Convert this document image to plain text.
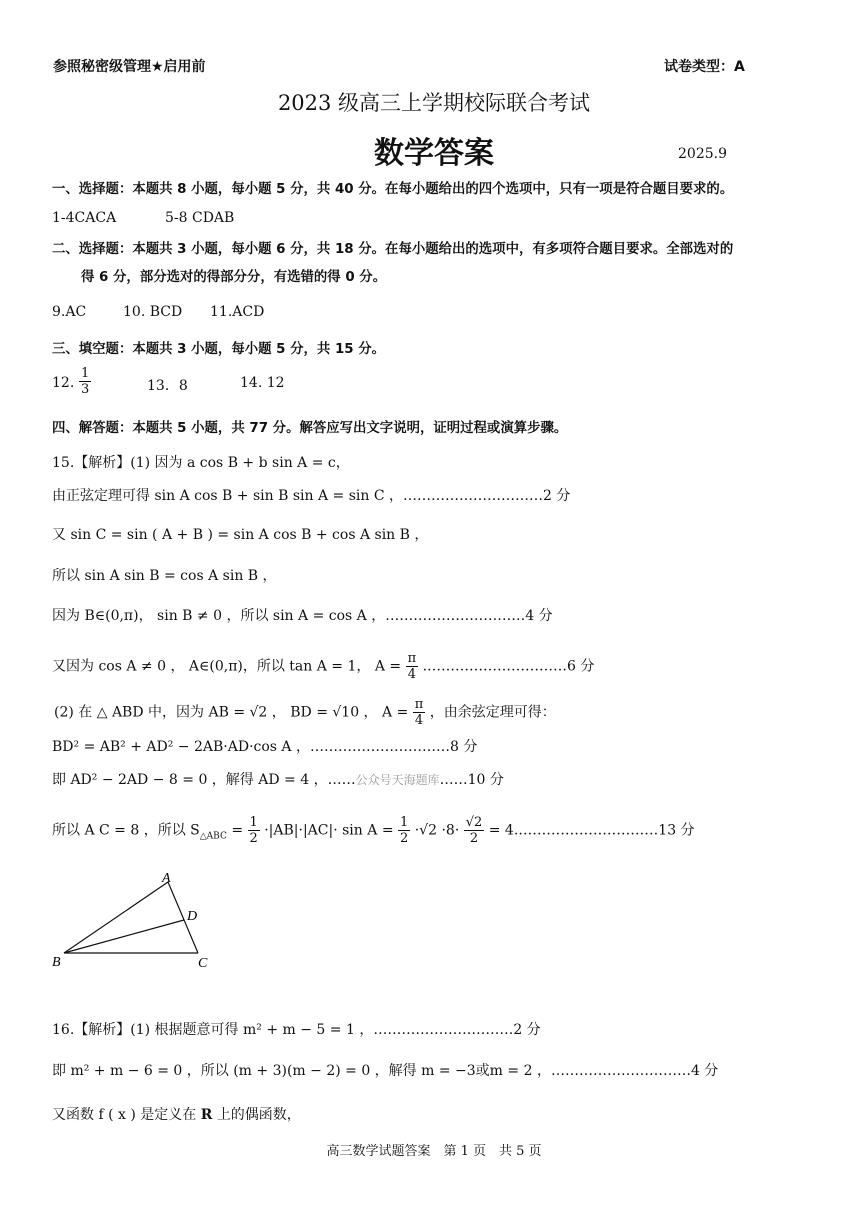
参照秘密级管理★启用前	试卷类型：A
2023 级高三上学期校际联合考试
数学答案	2025.9
一、选择题：本题共 8 小题，每小题 5 分，共 40 分。在每小题给出的四个选项中，只有一项是符合题目要求的。
1-4CACA	5-8 CDAB
二、选择题：本题共 3 小题，每小题 6 分，共 18 分。在每小题给出的选项中，有多项符合题目要求。全部选对的
得 6 分，部分选对的得部分分，有选错的得 0 分。
9.AC	10. BCD 11.ACD
三、填空题：本题共 3 小题，每小题 5 分，共 15 分。
12. $\frac{1}{3}$	13．8	14. 12
四、解答题：本题共 5 小题，共 77 分。解答应写出文字说明，证明过程或演算步骤。
15.【解析】(1) 因为 a cos B + b sin A = c，
由正弦定理可得 sin A cos B + sin B sin A = sin C ，…………………………2 分
又 sin C = sin ( A + B ) = sin A cos B + cos A sin B ，
所以 sin A sin B = cos A sin B ，
因为 B∈(0,π)， sin B ≠ 0 ，所以 sin A = cos A ，…………………………4 分
又因为 cos A ≠ 0 ， A∈(0,π)，所以 tan A = 1， $A = \frac{\pi}{4}$ .…………………………6 分
(2) 在 △ ABD 中，因为 AB = √2 ， BD = √10 ， $A = \frac{\pi}{4}$ ，由余弦定理可得：
BD² = AB² + AD² − 2AB·AD·cos A ，…………………………8 分
即 AD² − 2AD − 8 = 0 ，解得 AD = 4 ，……公众号天海题库……10 分
所以 A C = 8 ，所以 $S_{\triangle ABC} = \frac{1}{2} \cdot|AB|\cdot|AC|\cdot \sin A = \frac{1}{2} \cdot√2 \cdot 8\cdot \frac{√2}{2}$ = 4.…………………………13 分
A
B	C
D
16.【解析】(1) 根据题意可得 m² + m − 5 = 1 ，…………………………2 分
即 m² + m − 6 = 0 ，所以 (m + 3)(m − 2) = 0 ，解得 m = −3或m = 2 ，…………………………4 分
又函数 f ( x ) 是定义在 R 上的偶函数，
高三数学试题答案　第 1 页　共 5 页
